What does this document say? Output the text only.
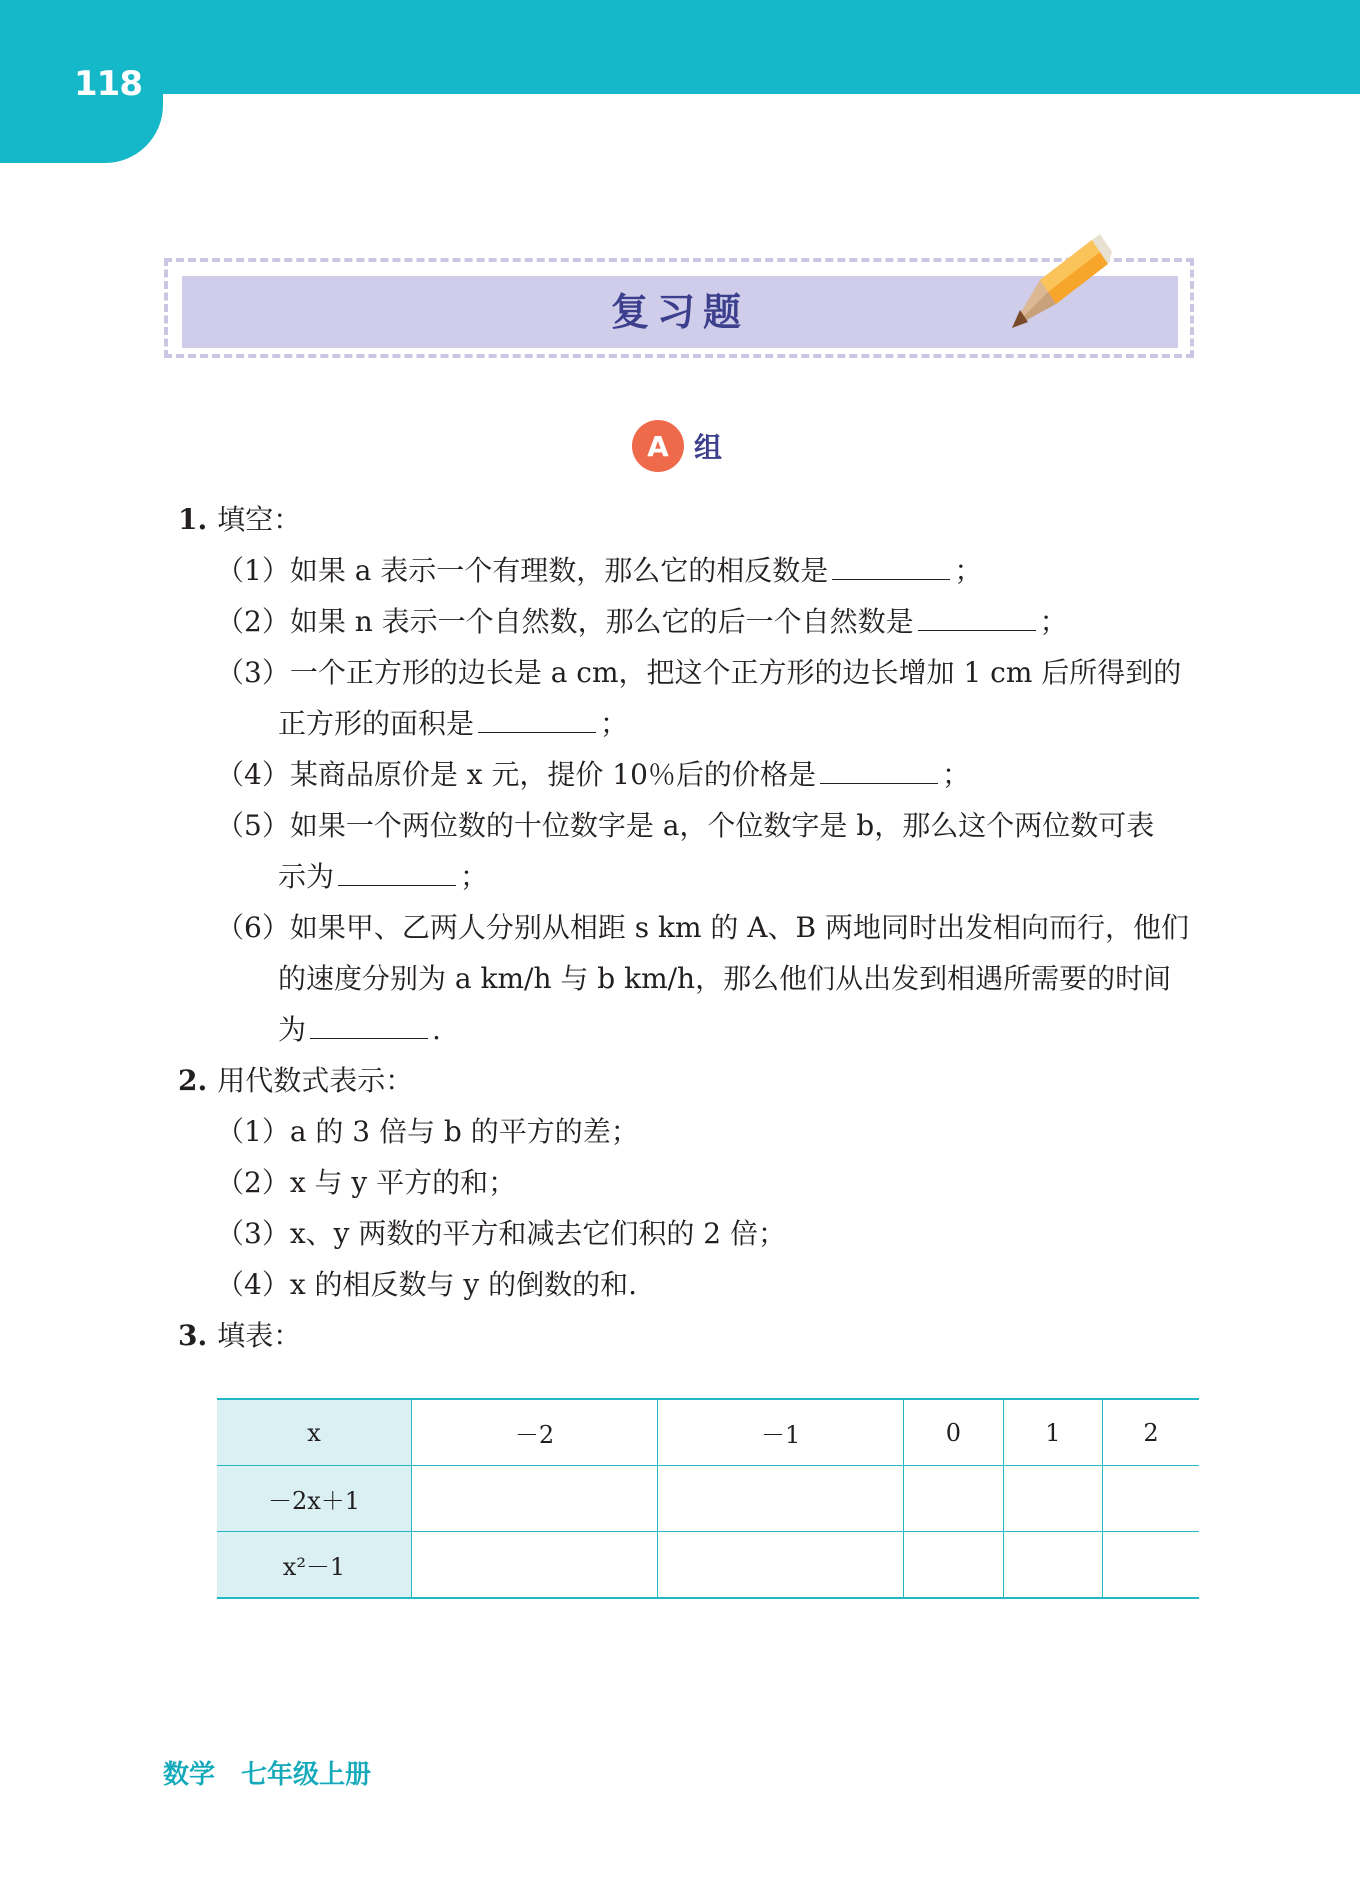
118
复习题
A 组
1. 填空：
（1）如果 a 表示一个有理数，那么它的相反数是	；
（2）如果 n 表示一个自然数，那么它的后一个自然数是	；
（3）一个正方形的边长是 a cm，把这个正方形的边长增加 1 cm 后所得到的
正方形的面积是	；
（4）某商品原价是 x 元，提价 10％后的价格是	；
（5）如果一个两位数的十位数字是 a，个位数字是 b，那么这个两位数可表
示为	；
（6）如果甲、乙两人分别从相距 s km 的 A、B 两地同时出发相向而行，他们
的速度分别为 a km/h 与 b km/h，那么他们从出发到相遇所需要的时间
为	.
2. 用代数式表示：
（1）a 的 3 倍与 b 的平方的差；
（2）x 与 y 平方的和；
（3）x、y 两数的平方和减去它们积的 2 倍；
（4）x 的相反数与 y 的倒数的和.
3. 填表：
x	－2	－1	0	1	2
－2x＋1					
x²－1					
数学　七年级上册
